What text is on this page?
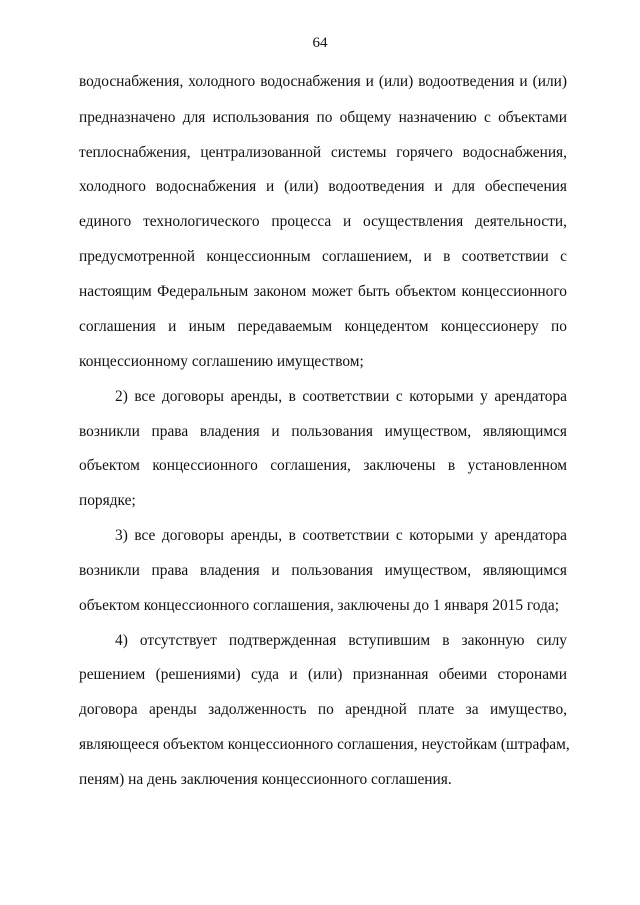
64
водоснабжения, холодного водоснабжения и (или) водоотведения и (или)
предназначено для использования по общему назначению с объектами
теплоснабжения, централизованной системы горячего водоснабжения,
холодного водоснабжения и (или) водоотведения и для обеспечения
единого технологического процесса и осуществления деятельности,
предусмотренной концессионным соглашением, и в соответствии с
настоящим Федеральным законом может быть объектом концессионного
соглашения и иным передаваемым концедентом концессионеру по
концессионному соглашению имуществом;
2) все договоры аренды, в соответствии с которыми у арендатора
возникли права владения и пользования имуществом, являющимся
объектом концессионного соглашения, заключены в установленном
порядке;
3) все договоры аренды, в соответствии с которыми у арендатора
возникли права владения и пользования имуществом, являющимся
объектом концессионного соглашения, заключены до 1 января 2015 года;
4) отсутствует подтвержденная вступившим в законную силу
решением (решениями) суда и (или) признанная обеими сторонами
договора аренды задолженность по арендной плате за имущество,
являющееся объектом концессионного соглашения, неустойкам (штрафам,
пеням) на день заключения концессионного соглашения.
